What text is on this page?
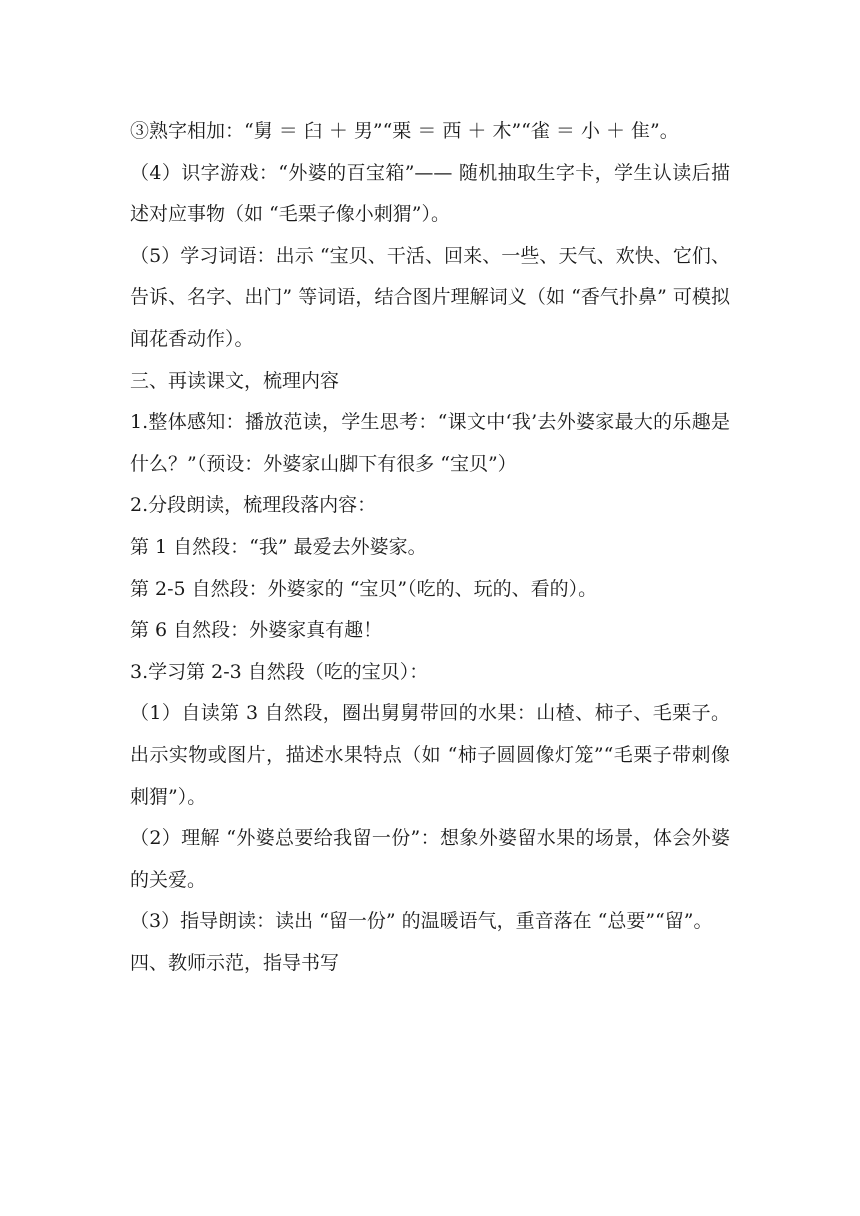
③熟字相加：“舅 ＝ 臼 ＋ 男”“栗 ＝ 西 ＋ 木”“雀 ＝ 小 ＋ 隹”。

（4）识字游戏：“外婆的百宝箱”—— 随机抽取生字卡，学生认读后描述对应事物（如 “毛栗子像小刺猬”）。

（5）学习词语：出示 “宝贝、干活、回来、一些、天气、欢快、它们、告诉、名字、出门” 等词语，结合图片理解词义（如 “香气扑鼻” 可模拟闻花香动作）。

三、再读课文，梳理内容

1.整体感知：播放范读，学生思考：“课文中‘我’去外婆家最大的乐趣是什么？”（预设：外婆家山脚下有很多 “宝贝”）

2.分段朗读，梳理段落内容：

第 1 自然段：“我” 最爱去外婆家。

第 2-5 自然段：外婆家的 “宝贝”（吃的、玩的、看的）。

第 6 自然段：外婆家真有趣！

3.学习第 2-3 自然段（吃的宝贝）：

（1）自读第 3 自然段，圈出舅舅带回的水果：山楂、柿子、毛栗子。出示实物或图片，描述水果特点（如 “柿子圆圆像灯笼”“毛栗子带刺像刺猬”）。

（2）理解 “外婆总要给我留一份”：想象外婆留水果的场景，体会外婆的关爱。

（3）指导朗读：读出 “留一份” 的温暖语气，重音落在 “总要”“留”。

四、教师示范，指导书写
